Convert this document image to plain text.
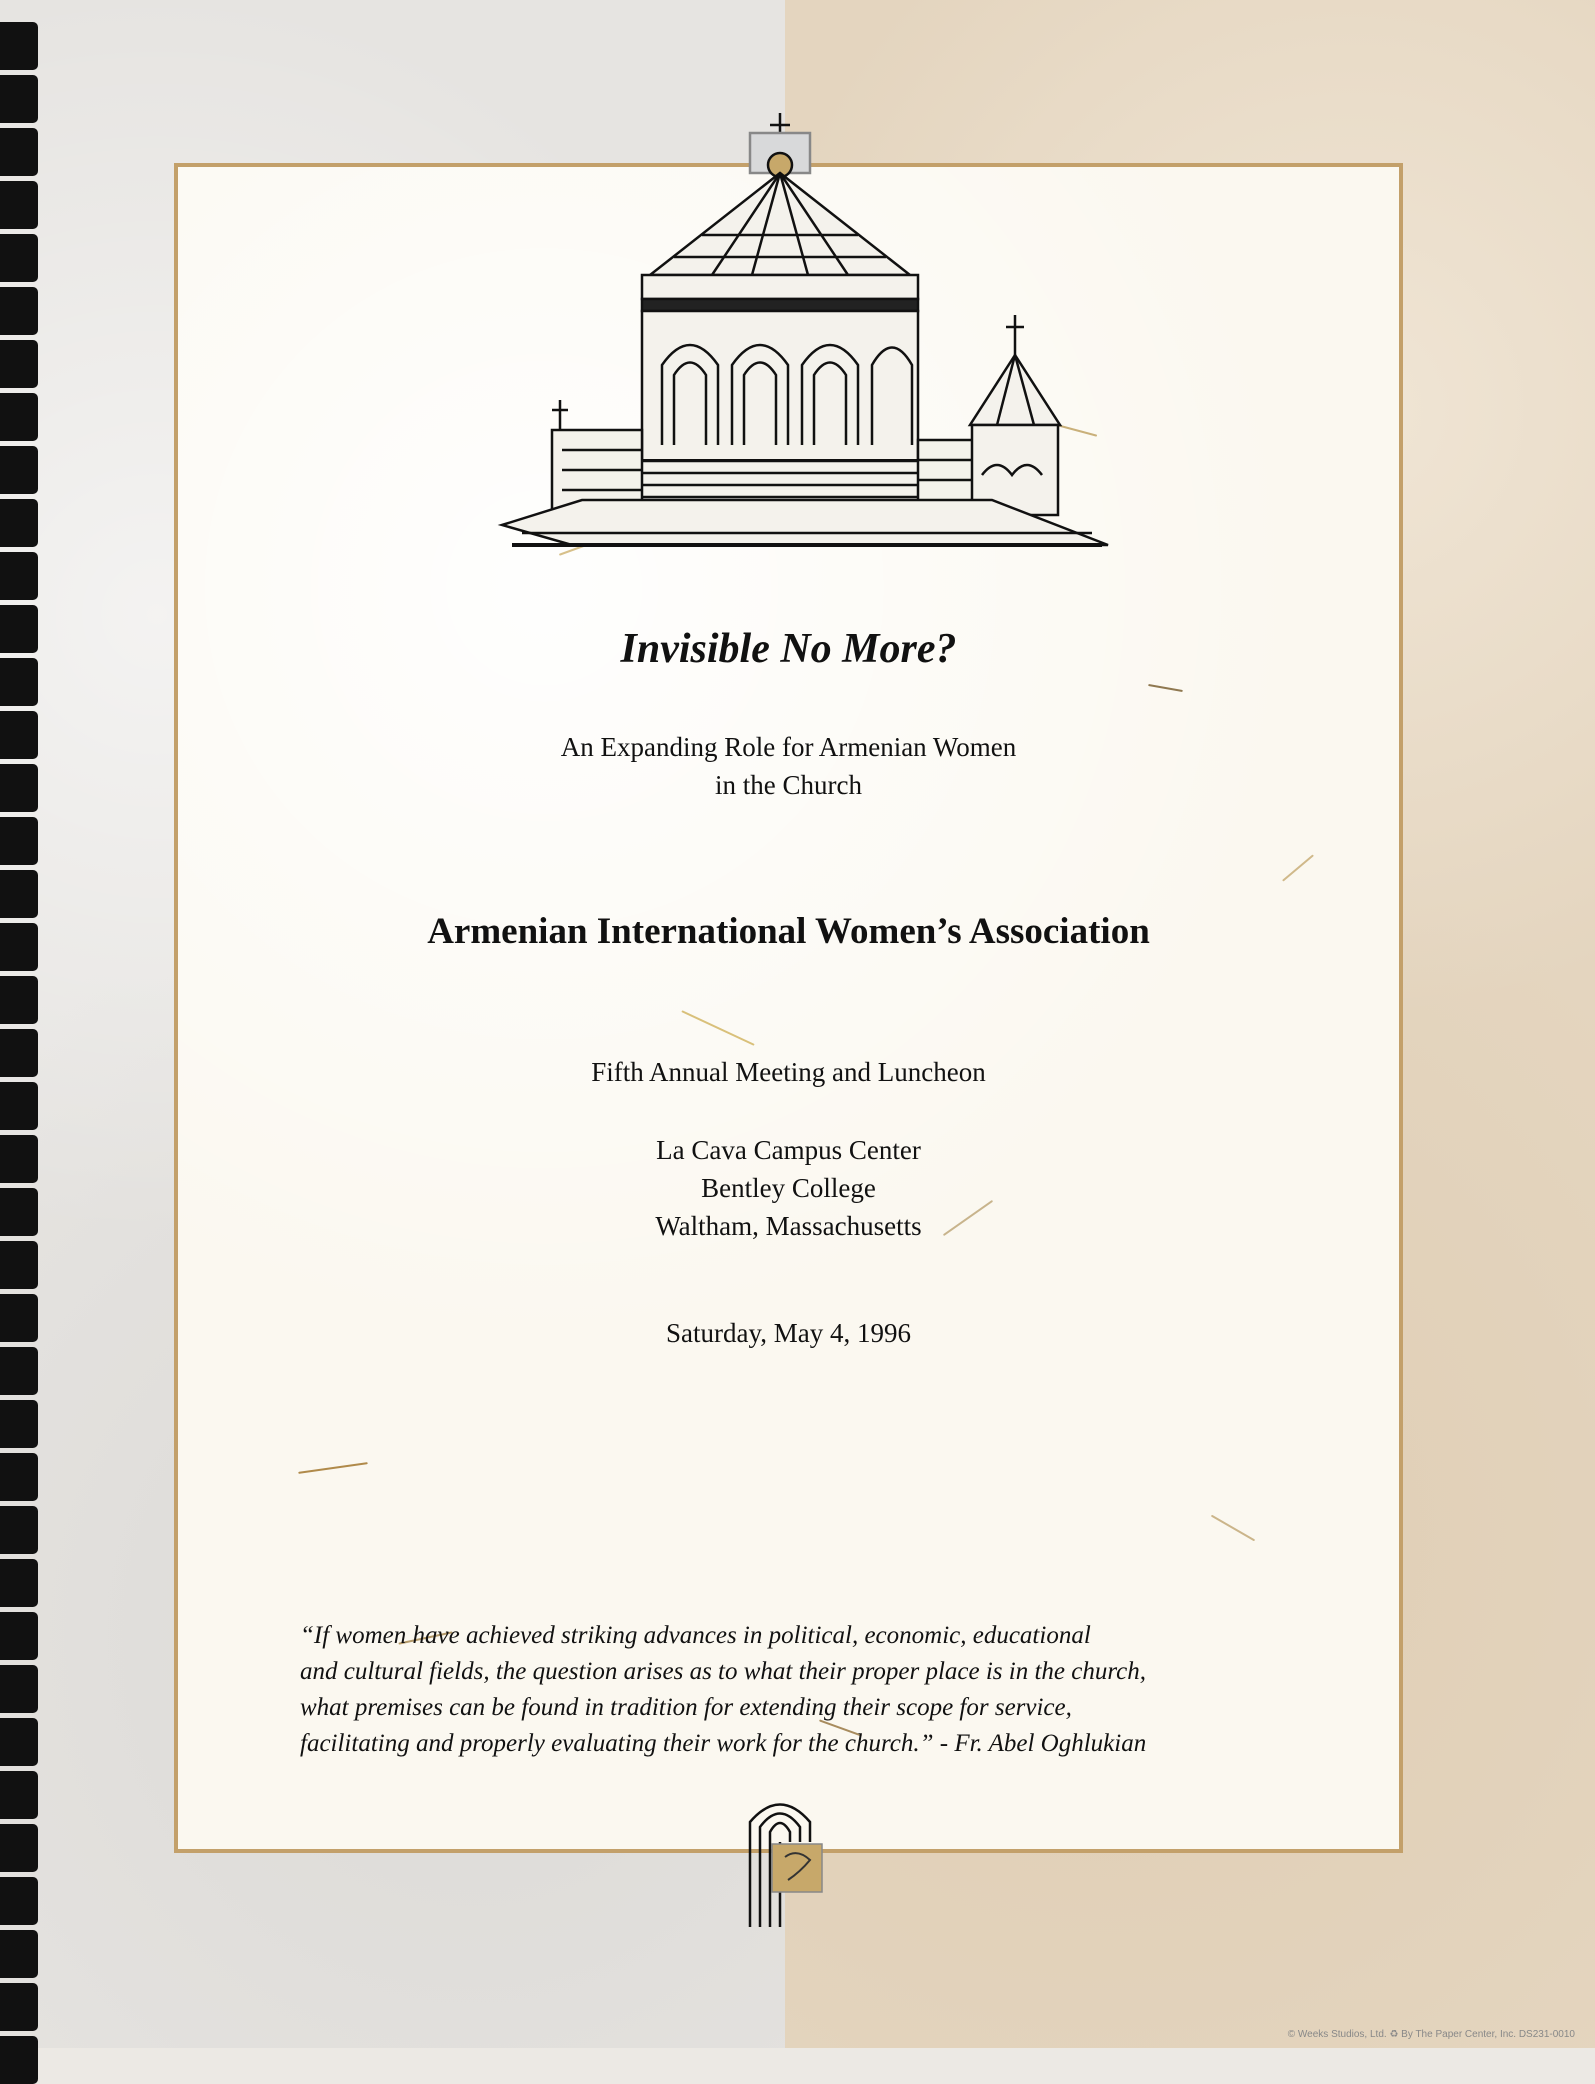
Invisible No More?
An Expanding Role for Armenian Women
in the Church
Armenian International Women’s Association
Fifth Annual Meeting and Luncheon
La Cava Campus Center
Bentley College
Waltham, Massachusetts
Saturday, May 4, 1996
“If women have achieved striking advances in political, economic, educational
and cultural fields, the question arises as to what their proper place is in the church,
what premises can be found in tradition for extending their scope for service,
facilitating and properly evaluating their work for the church.” - Fr. Abel Oghlukian
© Weeks Studios, Ltd. ♻ By The Paper Center, Inc. DS231-0010
